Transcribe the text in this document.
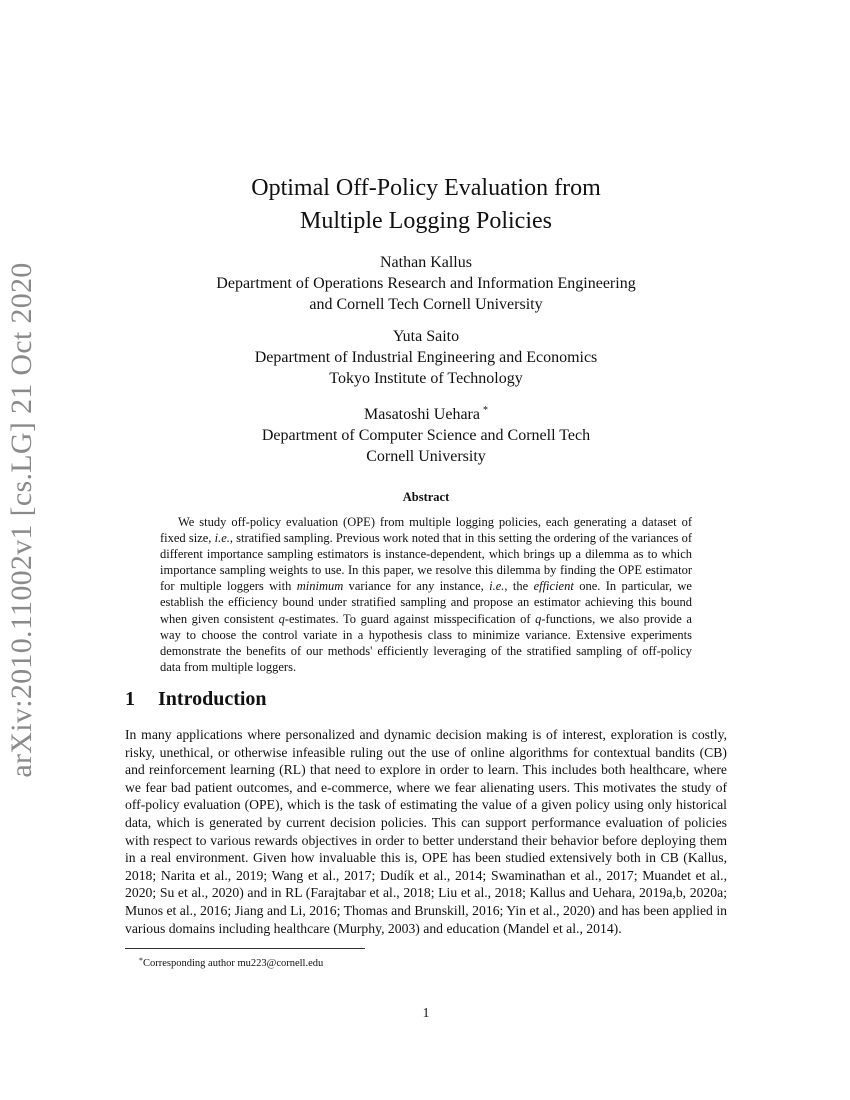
arXiv:2010.11002v1 [cs.LG] 21 Oct 2020
Optimal Off-Policy Evaluation from
Multiple Logging Policies
Nathan Kallus
Department of Operations Research and Information Engineering
and Cornell Tech Cornell University
Yuta Saito
Department of Industrial Engineering and Economics
Tokyo Institute of Technology
Masatoshi Uehara *
Department of Computer Science and Cornell Tech
Cornell University
Abstract
We study off-policy evaluation (OPE) from multiple logging policies, each generating a dataset of fixed size, i.e., stratified sampling. Previous work noted that in this setting the ordering of the variances of different importance sampling estimators is instance-dependent, which brings up a dilemma as to which importance sampling weights to use. In this paper, we resolve this dilemma by finding the OPE estimator for multiple loggers with minimum variance for any instance, i.e., the efficient one. In particular, we establish the efficiency bound under stratified sampling and propose an estimator achieving this bound when given consistent q-estimates. To guard against misspecification of q-functions, we also provide a way to choose the control variate in a hypothesis class to minimize variance. Extensive experiments demonstrate the benefits of our methods' efficiently leveraging of the stratified sampling of off-policy data from multiple loggers.
1 Introduction
In many applications where personalized and dynamic decision making is of interest, exploration is costly, risky, unethical, or otherwise infeasible ruling out the use of online algorithms for contextual bandits (CB) and reinforcement learning (RL) that need to explore in order to learn. This includes both healthcare, where we fear bad patient outcomes, and e-commerce, where we fear alienating users. This motivates the study of off-policy evaluation (OPE), which is the task of estimating the value of a given policy using only historical data, which is generated by current decision policies. This can support performance evaluation of policies with respect to various rewards objectives in order to better understand their behavior before deploying them in a real environment. Given how invaluable this is, OPE has been studied extensively both in CB (Kallus, 2018; Narita et al., 2019; Wang et al., 2017; Dudík et al., 2014; Swaminathan et al., 2017; Muandet et al., 2020; Su et al., 2020) and in RL (Farajtabar et al., 2018; Liu et al., 2018; Kallus and Uehara, 2019a,b, 2020a; Munos et al., 2016; Jiang and Li, 2016; Thomas and Brunskill, 2016; Yin et al., 2020) and has been applied in various domains including healthcare (Murphy, 2003) and education (Mandel et al., 2014).
*Corresponding author mu223@cornell.edu
1
